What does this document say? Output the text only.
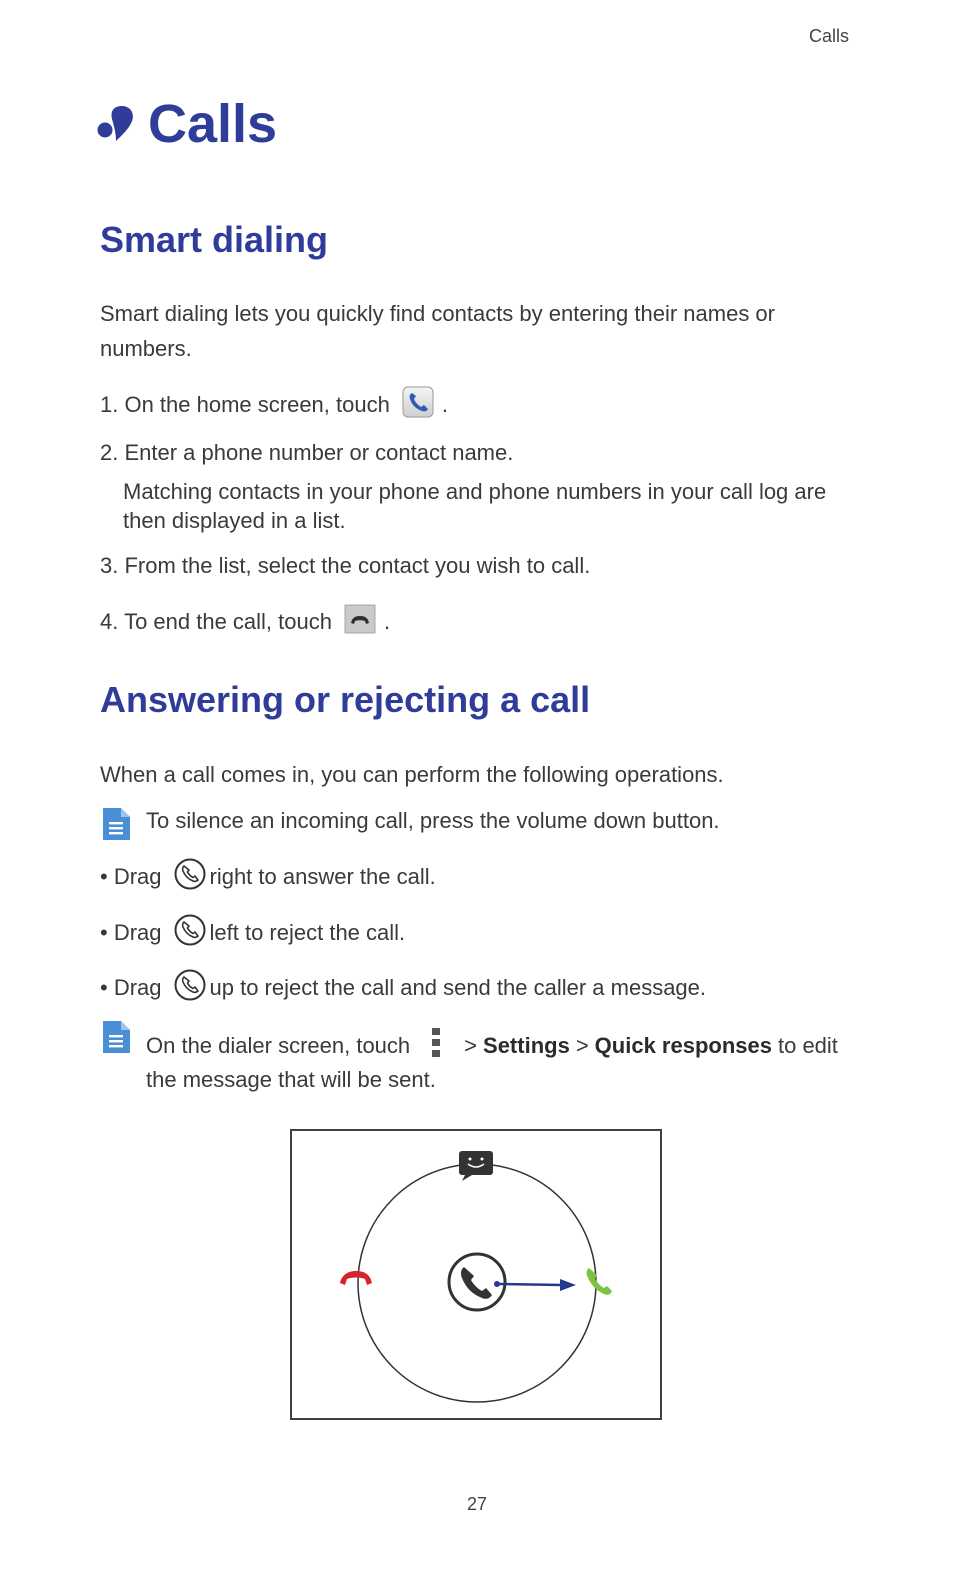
Calls
Calls
Smart dialing
Smart dialing lets you quickly find contacts by entering their names or
numbers.
1. On the home screen, touch .
2. Enter a phone number or contact name.
Matching contacts in your phone and phone numbers in your call log are
then displayed in a list.
3. From the list, select the contact you wish to call.
4. To end the call, touch .
Answering or rejecting a call
When a call comes in, you can perform the following operations.
To silence an incoming call, press the volume down button.
• Drag right to answer the call.
• Drag left to reject the call.
• Drag up to reject the call and send the caller a message.
On the dialer screen, touch > Settings > Quick responses to edit
the message that will be sent.
27
